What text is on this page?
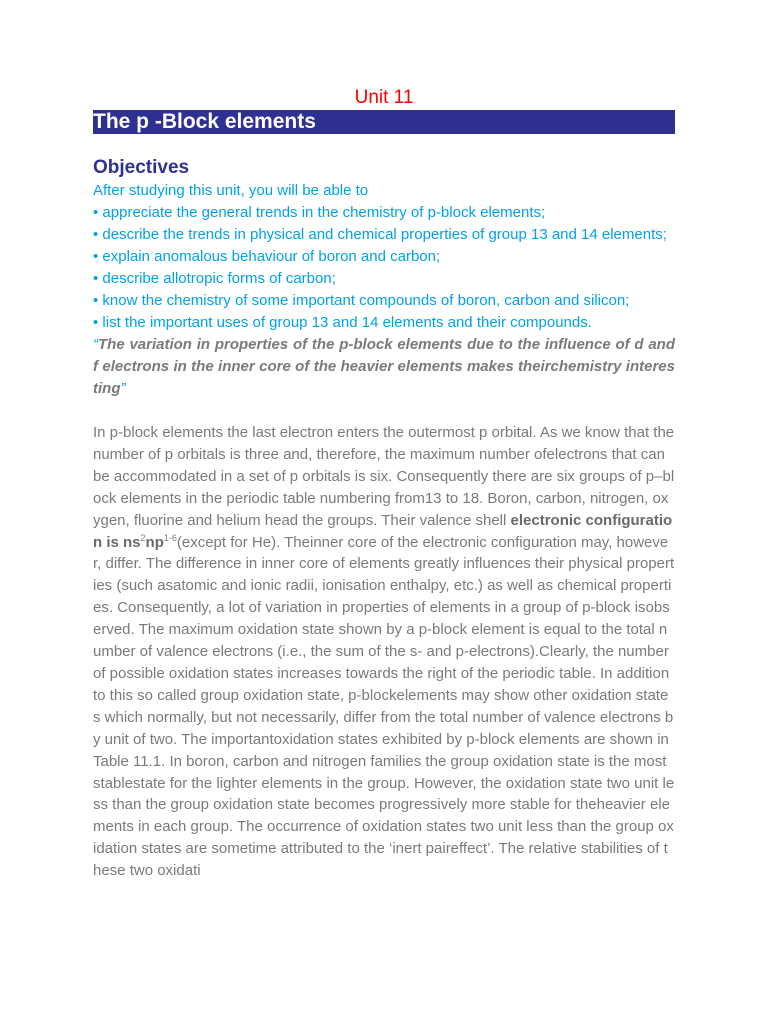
Unit 11

The p -Block elements
Objectives

After studying this unit, you will be able to

• appreciate the general trends in the chemistry of p-block elements;
• describe the trends in physical and chemical properties of group 13 and 14 elements;
• explain anomalous behaviour of boron and carbon;
• describe allotropic forms of carbon;
• know the chemistry of some important compounds of boron, carbon and silicon;
• list the important uses of group 13 and 14 elements and their compounds.

“The variation in properties of the p-block elements due to the influence of d and f electrons in the inner core of the heavier elements makes theirchemistry interesting”

In p-block elements the last electron enters the outermost p orbital. As we know that the number of p orbitals is three and, therefore, the maximum number ofelectrons that can be accommodated in a set of p orbitals is six. Consequently there are six groups of p–block elements in the periodic table numbering from13 to 18. Boron, carbon, nitrogen, oxygen, fluorine and helium head the groups. Their valence shell electronic configuration is $ns^2np^{1-6}(except$ for He). Theinner core of the electronic configuration may, however, differ. The difference in inner core of elements greatly influences their physical properties (such asatomic and ionic radii, ionisation enthalpy, etc.) as well as chemical properties. Consequently, a lot of variation in properties of elements in a group of p-block isobserved. The maximum oxidation state shown by a p-block element is equal to the total number of valence electrons (i.e., the sum of the s- and p-electrons).Clearly, the number of possible oxidation states increases towards the right of the periodic table. In addition to this so called group oxidation state, p-blockelements may show other oxidation states which normally, but not necessarily, differ from the total number of valence electrons by unit of two. The importantoxidation states exhibited by p-block elements are shown in Table 11.1. In boron, carbon and nitrogen families the group oxidation state is the most stablestate for the lighter elements in the group. However, the oxidation state two unit less than the group oxidation state becomes progressively more stable for theheavier elements in each group. The occurrence of oxidation states two unit less than the group oxidation states are sometime attributed to the ‘inert paireffect’. The relative stabilities of these two oxidati
